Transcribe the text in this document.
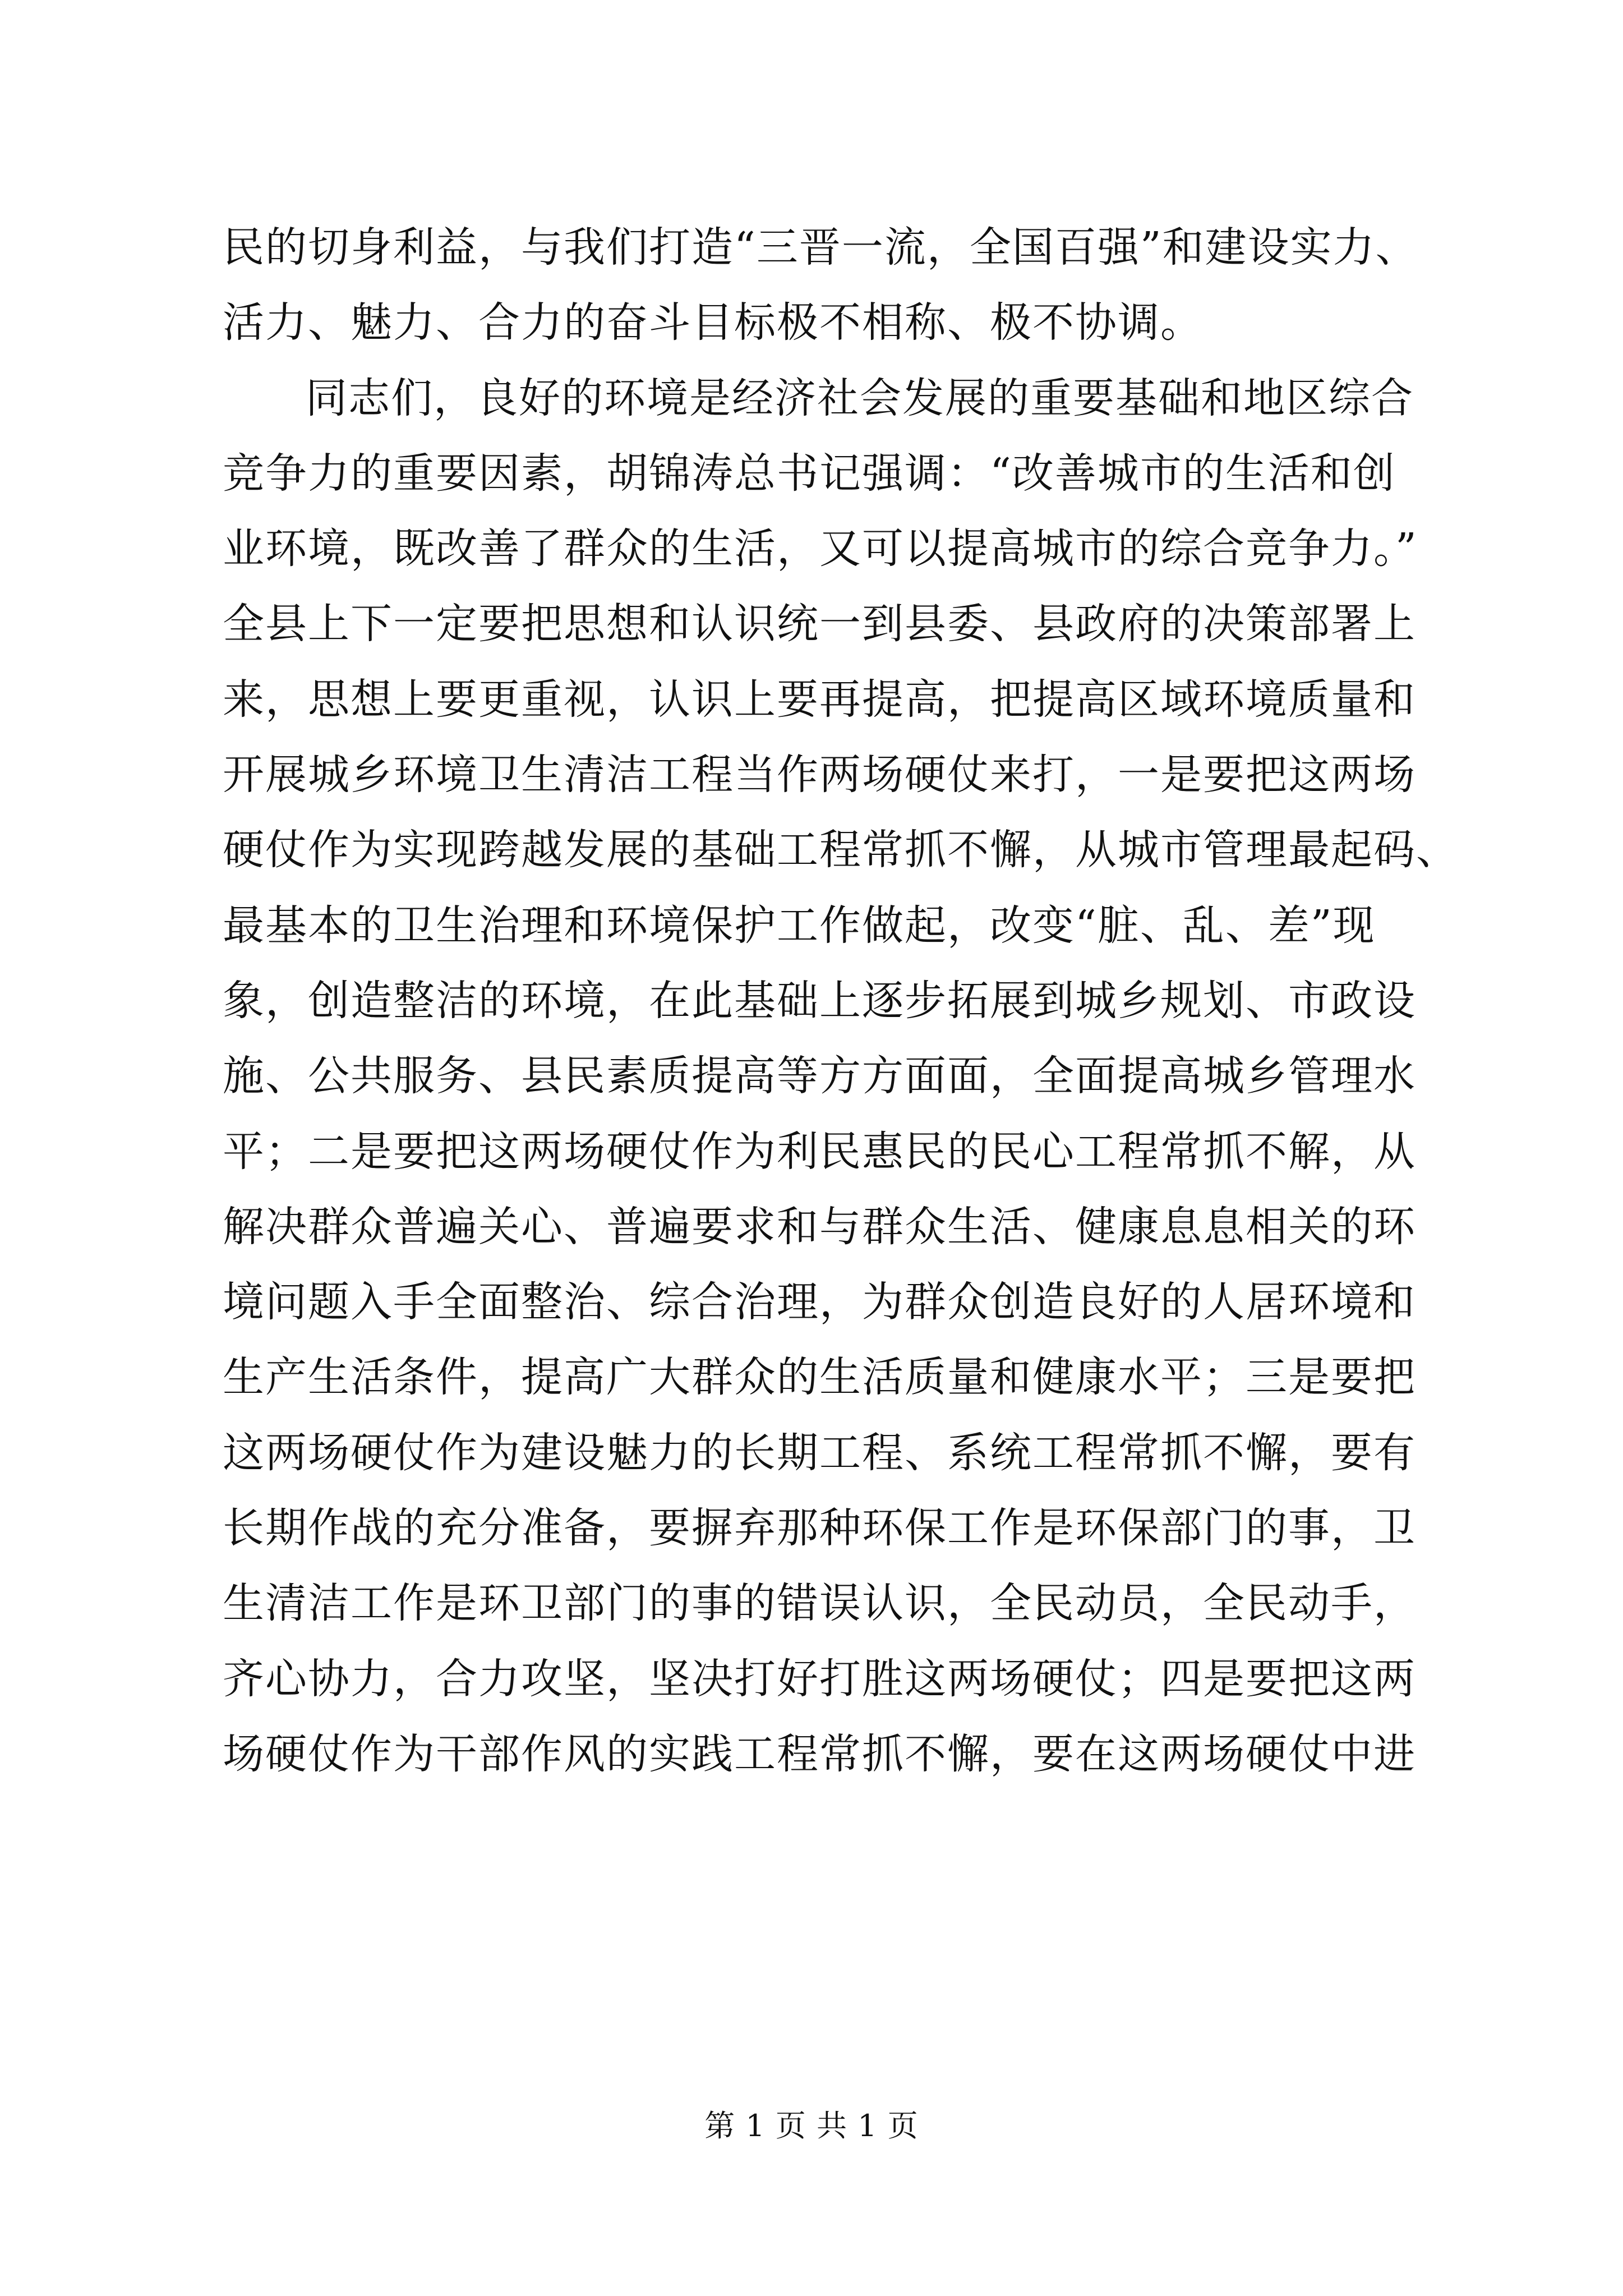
民的切身利益，与我们打造“三晋一流，全国百强”和建设实力、
活力、魅力、合力的奋斗目标极不相称、极不协调。
同志们，良好的环境是经济社会发展的重要基础和地区综合
竞争力的重要因素，胡锦涛总书记强调：“改善城市的生活和创
业环境，既改善了群众的生活，又可以提高城市的综合竞争力。”
全县上下一定要把思想和认识统一到县委、县政府的决策部署上
来，思想上要更重视，认识上要再提高，把提高区域环境质量和
开展城乡环境卫生清洁工程当作两场硬仗来打，一是要把这两场
硬仗作为实现跨越发展的基础工程常抓不懈，从城市管理最起码、
最基本的卫生治理和环境保护工作做起，改变“脏、乱、差”现
象，创造整洁的环境，在此基础上逐步拓展到城乡规划、市政设
施、公共服务、县民素质提高等方方面面，全面提高城乡管理水
平；二是要把这两场硬仗作为利民惠民的民心工程常抓不解，从
解决群众普遍关心、普遍要求和与群众生活、健康息息相关的环
境问题入手全面整治、综合治理，为群众创造良好的人居环境和
生产生活条件，提高广大群众的生活质量和健康水平；三是要把
这两场硬仗作为建设魅力的长期工程、系统工程常抓不懈，要有
长期作战的充分准备，要摒弃那种环保工作是环保部门的事，卫
生清洁工作是环卫部门的事的错误认识，全民动员，全民动手，
齐心协力，合力攻坚，坚决打好打胜这两场硬仗；四是要把这两
场硬仗作为干部作风的实践工程常抓不懈，要在这两场硬仗中进
第 1 页 共 1 页
